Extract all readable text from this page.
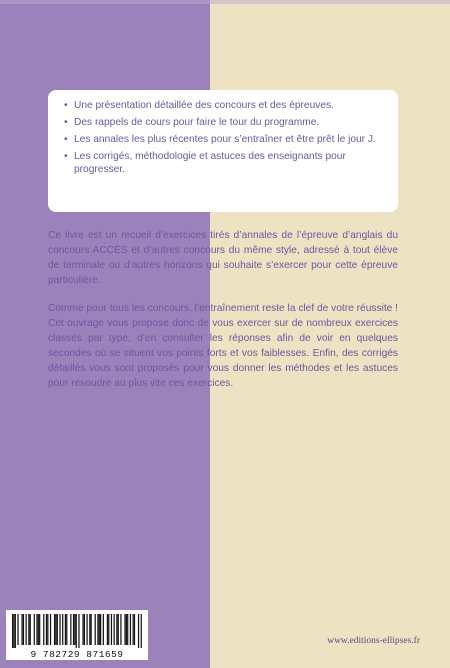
• Une présentation détaillée des concours et des épreuves.
• Des rappels de cours pour faire le tour du programme.
• Les annales les plus récentes pour s’entraîner et être prêt le jour J.
• Les corrigés, méthodologie et astuces des enseignants pour progresser.

Ce livre est un recueil d’exercices tirés d’annales de l’épreuve d’anglais du concours ACCÈS et d’autres concours du même style, adressé à tout élève de terminale ou d’autres horizons qui souhaite s’exercer pour cette épreuve particulière.

Comme pour tous les concours, l’entraînement reste la clef de votre réussite ! Cet ouvrage vous propose donc de vous exercer sur de nombreux exercices classés par type, d’en consulter les réponses afin de voir en quelques secondes où se situent vos points forts et vos faiblesses. Enfin, des corrigés détaillés vous sont proposés pour vous donner les méthodes et les astuces pour résoudre au plus vite ces exercices.

9 782729 871659
www.editions-ellipses.fr
